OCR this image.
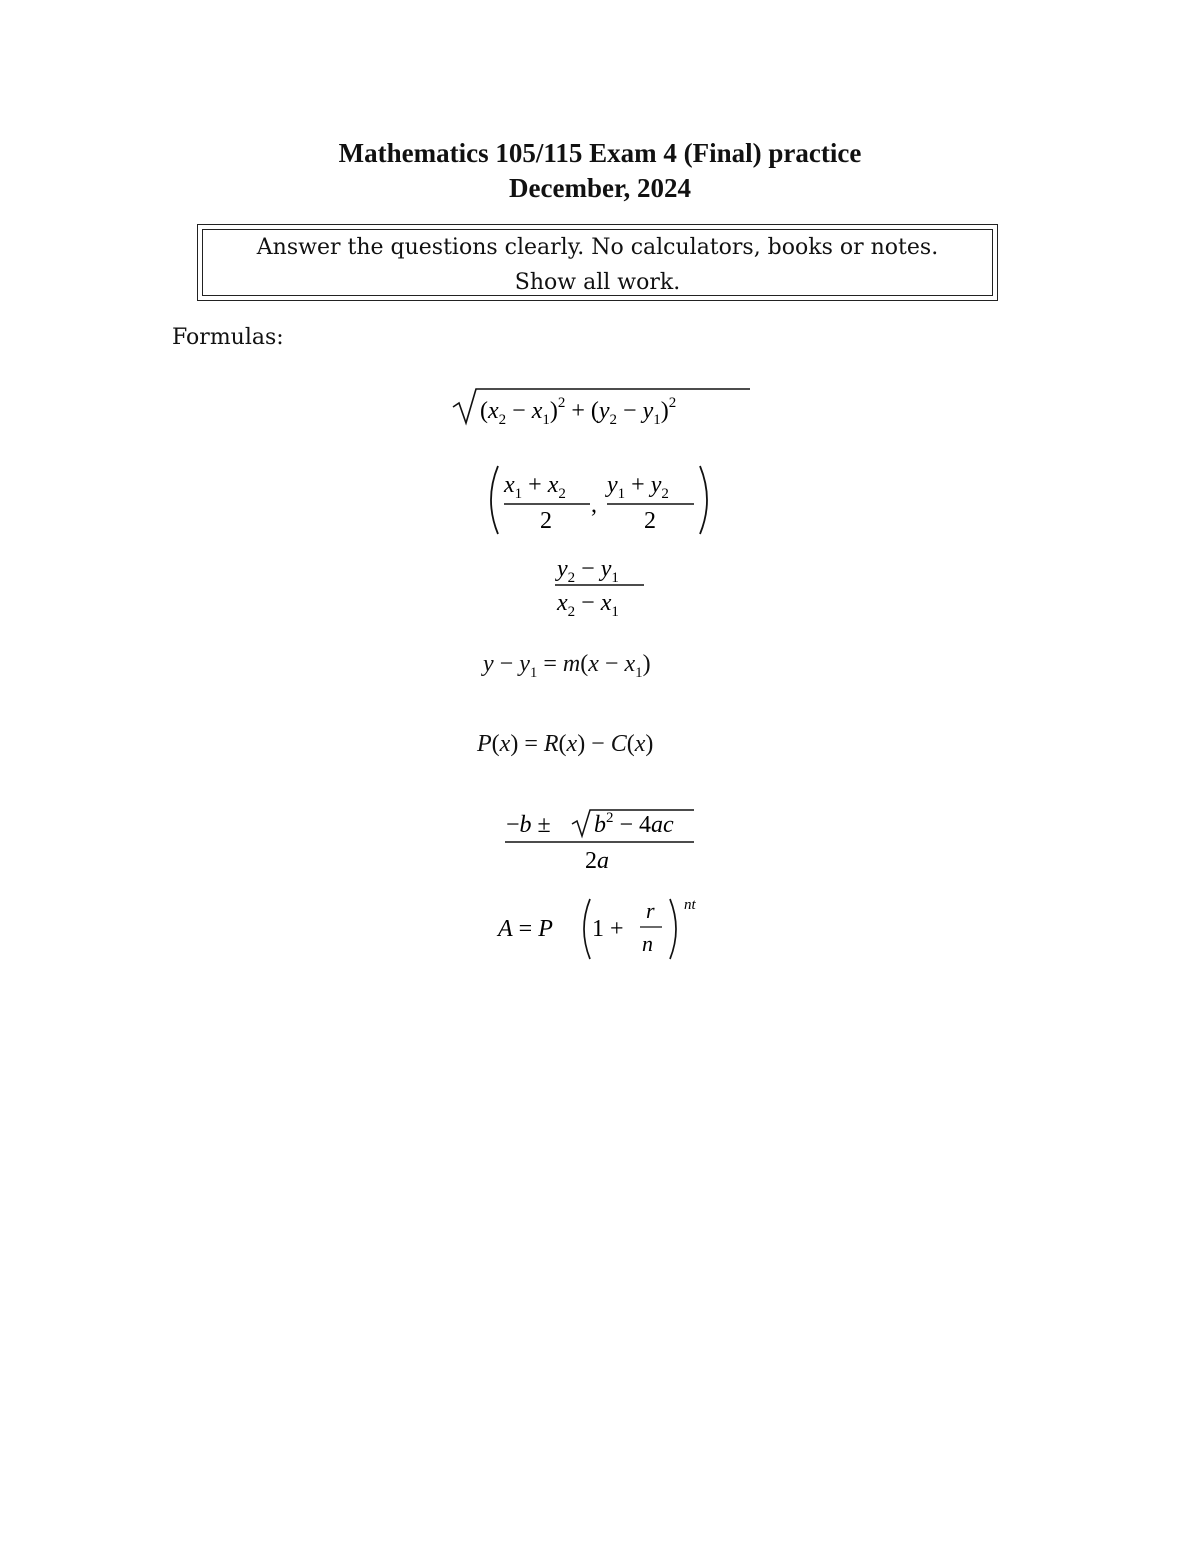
Mathematics 105/115 Exam 4 (Final) practice
December, 2024
Answer the questions clearly. No calculators, books or notes.
Show all work.
Formulas:
$(x_2 - x_1)^2 + (y_2 - y_1)^2$
$x_1 + x_2$
2
,
$y_1 + y_2$
2
$y_2 - y_1$
$x_2 - x_1$
$y - y_1 = m(x - x_1)$
P(x) = R(x) − C(x)
$-b \pm b^2 - 4ac$
2a
A = P 1 +
r
n
nt
